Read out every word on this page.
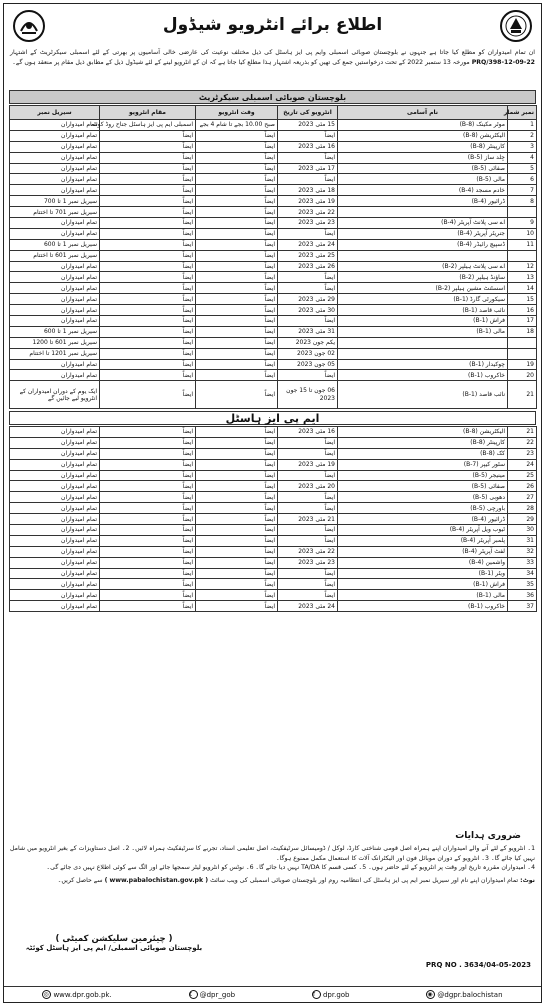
اطلاع برائے انٹرویو شیڈول
ان تمام امیدواران کو مطلع کیا جاتا ہے جنہوں نے بلوچستان صوبائی اسمبلی وایم پی ایز ہاسٹل کی ذیل مختلف نوعیت کی عارضی خالی آسامیوں پر بھرتی کے لئے اسمبلی سیکرٹریٹ کے اشتہار PRQ/398-12-09-22 مورخہ 13 ستمبر 2022 کے تحت درخواستیں جمع کی تھیں کو بذریعہ اشتہار ہذا مطلع کیا جاتا ہے کہ ان کے انٹرویو لینے کے لئے شیڈول ذیل کے مطابق ذیل مقام پر منعقد ہوں گے۔
بلوچستان صوبائی اسمبلی سیکرٹریٹ
سیریل نمبر	مقام انٹرویو	وقت انٹرویو	انٹرویو کی تاریخ	نام آسامی	نمبر شمار
تمام امیدواران	اسمبلی ایم پی ایز ہاسٹل جناح روڈ کوئٹہ	صبح 10.00 بجے تا شام 4 بجے	15 مئی 2023	موٹر مکینک (B-8)	1
تمام امیدواران	ایضاً	ایضاً	ایضاً	الیکٹریشن (B-8)	2
تمام امیدواران	ایضاً	ایضاً	16 مئی 2023	کارپینٹر (B-8)	3
تمام امیدواران	ایضاً	ایضاً	ایضاً	جِلد ساز (B-5)	4
تمام امیدواران	ایضاً	ایضاً	17 مئی 2023	صفائی (B-5)	5
تمام امیدواران	ایضاً	ایضاً	ایضاً	مالی (B-5)	6
تمام امیدواران	ایضاً	ایضاً	18 مئی 2023	خادم مسجد (B-4)	7
سیریل نمبر 1 تا 700	ایضاً	ایضاً	19 مئی 2023	ڈرائیور (B-4)	8
سیریل نمبر 701 تا اختتام	ایضاً	ایضاً	22 مئی 2023		
تمام امیدواران	ایضاً	ایضاً	23 مئی 2023	اے سی پلانٹ آپریٹر (B-4)	9
تمام امیدواران	ایضاً	ایضاً	ایضاً	جنریٹر آپریٹر (B-4)	10
سیریل نمبر 1 تا 600	ایضاً	ایضاً	24 مئی 2023	ڈسپیچ رائیڈر (B-4)	11
سیریل نمبر 601 تا اختتام	ایضاً	ایضاً	25 مئی 2023		
تمام امیدواران	ایضاً	ایضاً	26 مئی 2023	اے سی پلانٹ ہیلپر (B-2)	12
تمام امیدواران	ایضاً	ایضاً	ایضاً	ساؤنڈ ہیلپر (B-2)	13
تمام امیدواران	ایضاً	ایضاً	ایضاً	اسسٹنٹ مشین ہیلپر (B-2)	14
تمام امیدواران	ایضاً	ایضاً	29 مئی 2023	سیکورٹی گارڈ (B-1)	15
تمام امیدواران	ایضاً	ایضاً	30 مئی 2023	نائب قاصد (B-1)	16
تمام امیدواران	ایضاً	ایضاً	ایضاً	فراش (B-1)	17
سیریل نمبر 1 تا 600	ایضاً	ایضاً	31 مئی 2023	مالی (B-1)	18
سیریل نمبر 601 تا 1200	ایضاً	ایضاً	یکم جون 2023		
سیریل نمبر 1201 تا اختتام	ایضاً	ایضاً	02 جون 2023		
تمام امیدواران	ایضاً	ایضاً	05 جون 2023	چوکیدار (B-1)	19
تمام امیدواران	ایضاً	ایضاً	ایضاً	خاکروب (B-1)	20
ایک یوم کے دوران امیدواران کے انٹرویو لیے جائیں گے	ایضاً	ایضاً	06 جون تا 15 جون 2023	نائب قاصد (B-1)	21
ایم پی ایز ہاسٹل
تمام امیدواران	ایضاً	ایضاً	16 مئی 2023	الیکٹریشن (B-8)	21
تمام امیدواران	ایضاً	ایضاً	ایضاً	کارپینٹر (B-8)	22
تمام امیدواران	ایضاً	ایضاً	ایضاً	کک (B-8)	23
تمام امیدواران	ایضاً	ایضاً	19 مئی 2023	سٹور کیپر (B-7)	24
تمام امیدواران	ایضاً	ایضاً	ایضاً	مینیجر (B-5)	25
تمام امیدواران	ایضاً	ایضاً	20 مئی 2023	صفائی (B-5)	26
تمام امیدواران	ایضاً	ایضاً	ایضاً	دھوبی (B-5)	27
تمام امیدواران	ایضاً	ایضاً	ایضاً	باورچی (B-5)	28
تمام امیدواران	ایضاً	ایضاً	21 مئی 2023	ڈرائیور (B-4)	29
تمام امیدواران	ایضاً	ایضاً	ایضاً	ٹیوب ویل آپریٹر (B-4)	30
تمام امیدواران	ایضاً	ایضاً	ایضاً	پلمبر آپریٹر (B-4)	31
تمام امیدواران	ایضاً	ایضاً	22 مئی 2023	لفٹ آپریٹر (B-4)	32
تمام امیدواران	ایضاً	ایضاً	23 مئی 2023	واشمین (B-4)	33
تمام امیدواران	ایضاً	ایضاً	ایضاً	ویٹر (B-1)	34
تمام امیدواران	ایضاً	ایضاً	ایضاً	فراش (B-1)	35
تمام امیدواران	ایضاً	ایضاً	ایضاً	مالی (B-1)	36
تمام امیدواران	ایضاً	ایضاً	24 مئی 2023	خاکروب (B-1)	37
ضروری ہدایات
1۔ انٹرویو کے لئے آنے والے امیدواران اپنے ہمراہ اصل قومی شناختی کارڈ، لوکل / ڈومیسائل سرٹیفکیٹ، اصل تعلیمی اسناد، تجربے کا سرٹیفکیٹ ہمراہ لائیں۔ 2۔ اصل دستاویزات کے بغیر انٹرویو میں شامل نہیں کیا جائے گا۔ 3۔ انٹرویو کے دوران موبائل فون اور الیکٹرانک آلات کا استعمال مکمل ممنوع ہوگا۔
4۔ امیدواران مقررہ تاریخ اور وقت پر انٹرویو کے لئے حاضر ہوں۔ 5۔ کسی قسم کا TA/DA نہیں دیا جائے گا۔ 6۔ نوٹس کو انٹرویو لیٹر سمجھا جائے اور الگ سے کوئی اطلاع نہیں دی جائے گی۔
نوٹ: تمام امیدواران اپنے نام اور سیریل نمبر ایم پی ایز ہاسٹل کی انتظامیہ روم اور بلوچستان صوبائی اسمبلی کی ویب سائٹ ( www.pabalochistan.gov.pk ) سے حاصل کریں۔
( چیئرمین سلیکشن کمیٹی )
بلوچستان صوبائی اسمبلی/ ایم پی ایز ہاسٹل کوئٹہ
PRQ NO . 3634/04-05-2023
◎ www.dpr.gob.pk.	t	@dpr_gob	f	dpr.gob	◉ @dgpr.balochistan
